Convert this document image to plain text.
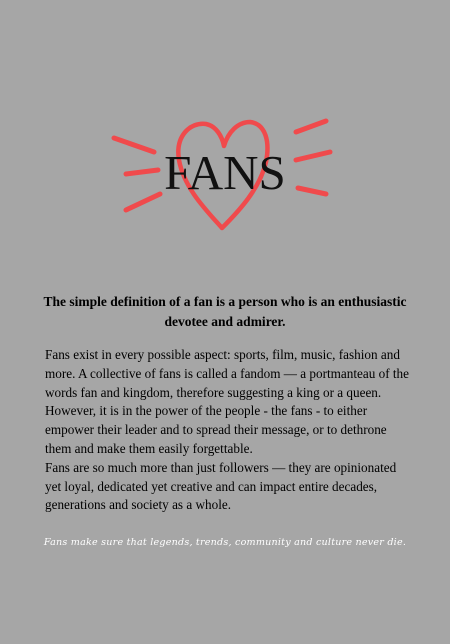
FANS
The simple definition of a fan is a person who is an enthusiastic devotee and admirer.

Fans exist in every possible aspect: sports, film, music, fashion and more. A collective of fans is called a fandom — a portmanteau of the words fan and kingdom, therefore suggesting a king or a queen. However, it is in the power of the people - the fans - to either empower their leader and to spread their message, or to dethrone them and make them easily forgettable.

Fans are so much more than just followers — they are opinionated yet loyal, dedicated yet creative and can impact entire decades, generations and society as a whole.

Fans make sure that legends, trends, community and culture never die.
